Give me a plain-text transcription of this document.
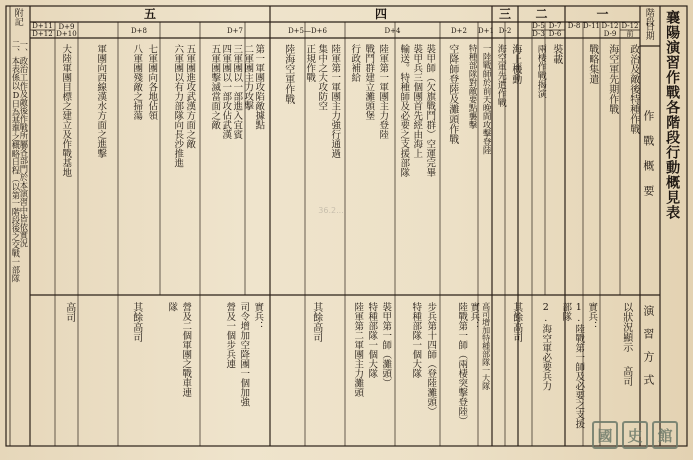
襄陽演習作戰各階段行動概見表
階段
日期
作戰概要
演習方式
附記
一、政治工作及敵後作戰所屬各部門於本演習中皆依實況
二、本表係以D日為基準之概略日程（以第一階段後之交戰一部隊
一
二
三
四
五
D-12
前
D-12
D-9
D-11
D-8
D-7
D-6
D-5
D-3
D-2
D+1
D+2
D+4
D+5—D+6
D+7
D+8
D+9
D+10
D+11
D+12
政治及敵後特種作戰
海空軍先期作戰
戰略集遣
裝載
兩棲作戰揭演
海上機動
海空軍先遣作戰
一陸戰師於前天晚間攻擊登陸
特種部隊對敵要點襲擊
空降師登陸及灘頭作戰
裝甲師（欠旗戰鬥群）空運完畢
裝甲兵三個團首先經由海上
輸送。特種師及必要之支援部隊
陸軍第一軍團主力登陸
戰鬥群建立灘頭堡
行政補給
陸軍第一軍團主力強行通過
集中之大攻防空
正規作戰
陸海空軍作戰
第一軍團攻陷敵據點
二軍團主力攻擊
三軍團以一部進入宜賓
四軍團以一部攻佔武漢
五軍團擊滅當面之敵
五軍團進攻武漢方面之敵
六軍團以有力部隊向長沙推進
七軍團向各地佔領
八軍團殘敵之掃蕩
軍團向西線漢水方面之進擊
大陸軍團目標之建立及作戰基地
以狀況顯示
高司
實兵：
1.陸戰第一師及必要之支援
部隊
2.海空軍必要兵力
其餘高司
實兵：
陸戰第一師（兩棲突擊登陸） 高司增加特種部隊一大隊
步兵第十四師（登陸灘頭）
特種部隊一個大隊
裝甲第一師（灘頭）
特種部隊一個大隊
陸軍第二軍團主力灘頭
其餘高司
實兵：
司令增加空降團一個加強
營及一個步兵連
營及二個軍團之戰車連
隊
其餘高司
高司
36.2...
國 史 館
